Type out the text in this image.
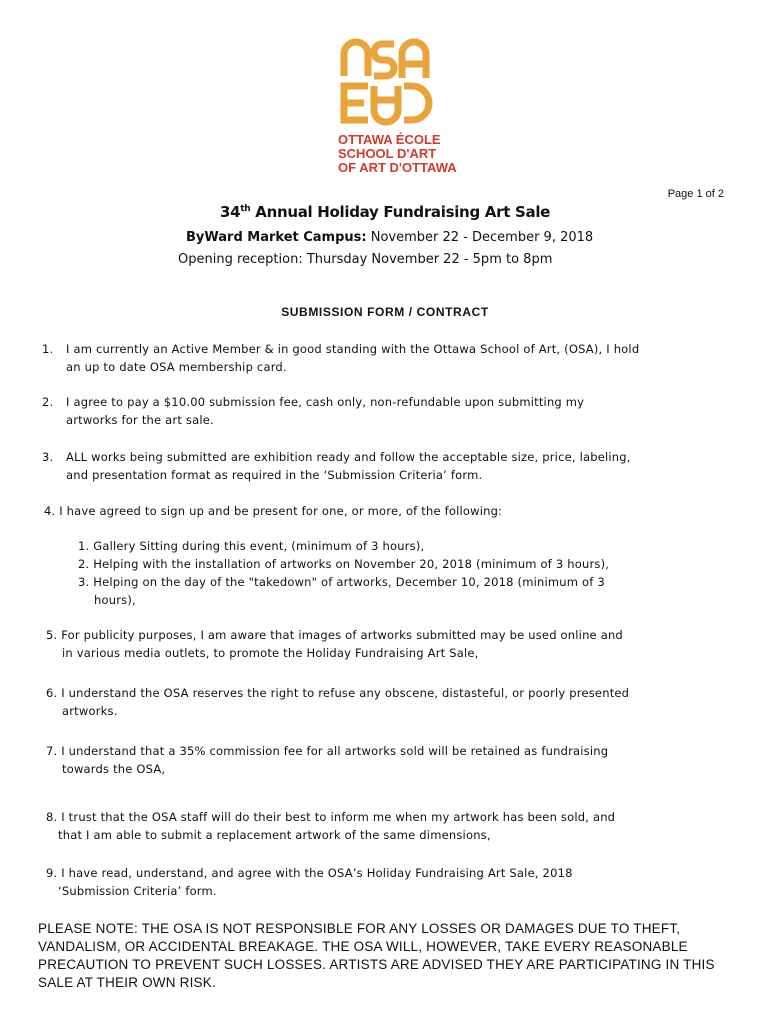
OTTAWA ÉCOLE
SCHOOL D'ART
OF ART D'OTTAWA
Page 1 of 2
34th Annual Holiday Fundraising Art Sale
ByWard Market Campus: November 22 - December 9, 2018
Opening reception: Thursday November 22 - 5pm to 8pm
SUBMISSION FORM / CONTRACT
1. I am currently an Active Member & in good standing with the Ottawa School of Art, (OSA), I hold
an up to date OSA membership card.
2. I agree to pay a $10.00 submission fee, cash only, non-refundable upon submitting my
artworks for the art sale.
3. ALL works being submitted are exhibition ready and follow the acceptable size, price, labeling,
and presentation format as required in the ‘Submission Criteria’ form.
4. I have agreed to sign up and be present for one, or more, of the following:
1. Gallery Sitting during this event, (minimum of 3 hours),
2. Helping with the installation of artworks on November 20, 2018 (minimum of 3 hours),
3. Helping on the day of the "takedown" of artworks, December 10, 2018 (minimum of 3
hours),
5. For publicity purposes, I am aware that images of artworks submitted may be used online and
in various media outlets, to promote the Holiday Fundraising Art Sale,
6. I understand the OSA reserves the right to refuse any obscene, distasteful, or poorly presented
artworks.
7. I understand that a 35% commission fee for all artworks sold will be retained as fundraising
towards the OSA,
8. I trust that the OSA staff will do their best to inform me when my artwork has been sold, and
that I am able to submit a replacement artwork of the same dimensions,
9. I have read, understand, and agree with the OSA’s Holiday Fundraising Art Sale, 2018
‘Submission Criteria’ form.
PLEASE NOTE: THE OSA IS NOT RESPONSIBLE FOR ANY LOSSES OR DAMAGES DUE TO THEFT, VANDALISM, OR ACCIDENTAL BREAKAGE. THE OSA WILL, HOWEVER, TAKE EVERY REASONABLE PRECAUTION TO PREVENT SUCH LOSSES. ARTISTS ARE ADVISED THEY ARE PARTICIPATING IN THIS SALE AT THEIR OWN RISK.
